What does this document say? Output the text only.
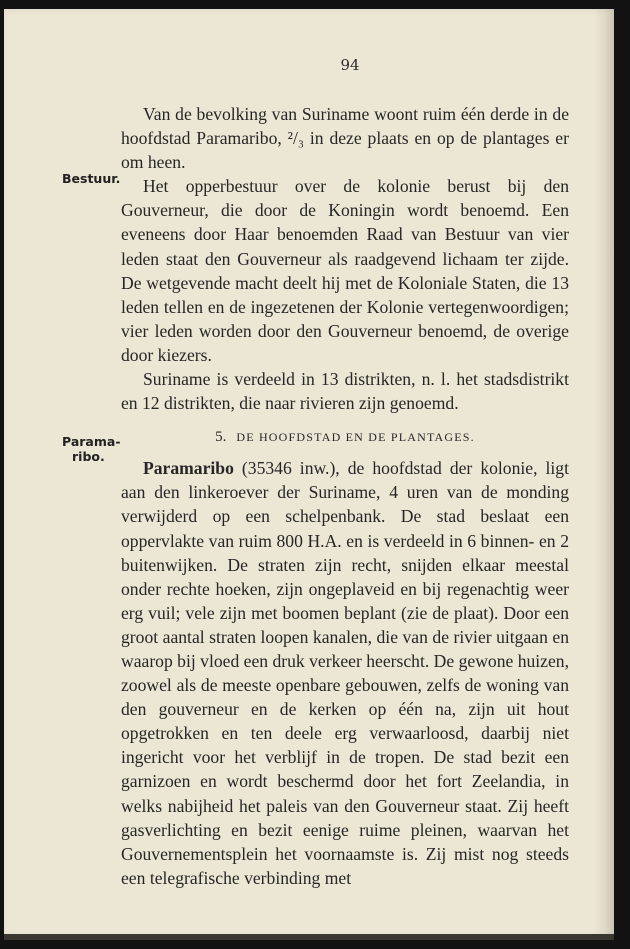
94
Bestuur.
Parama-
ribo.

Van de bevolking van Suriname woont ruim één derde in de hoofdstad Paramaribo, ²/₃ in deze plaats en op de plantages er om heen.

Het opperbestuur over de kolonie berust bij den Gouverneur, die door de Koningin wordt benoemd. Een eveneens door Haar benoemden Raad van Bestuur van vier leden staat den Gouverneur als raadgevend lichaam ter zijde. De wetgevende macht deelt hij met de Koloniale Staten, die 13 leden tellen en de ingezetenen der Kolonie vertegenwoordigen; vier leden worden door den Gouverneur benoemd, de overige door kiezers.

Suriname is verdeeld in 13 distrikten, n. l. het stadsdistrikt en 12 distrikten, die naar rivieren zijn genoemd.

5. DE HOOFDSTAD EN DE PLANTAGES.

Paramaribo (35346 inw.), de hoofdstad der kolonie, ligt aan den linkeroever der Suriname, 4 uren van de monding verwijderd op een schelpenbank. De stad beslaat een oppervlakte van ruim 800 H.A. en is verdeeld in 6 binnen- en 2 buitenwijken. De straten zijn recht, snijden elkaar meestal onder rechte hoeken, zijn ongeplaveid en bij regenachtig weer erg vuil; vele zijn met boomen beplant (zie de plaat). Door een groot aantal straten loopen kanalen, die van de rivier uitgaan en waarop bij vloed een druk verkeer heerscht. De gewone huizen, zoowel als de meeste openbare gebouwen, zelfs de woning van den gouverneur en de kerken op één na, zijn uit hout opgetrokken en ten deele erg verwaarloosd, daarbij niet ingericht voor het verblijf in de tropen. De stad bezit een garnizoen en wordt beschermd door het fort Zeelandia, in welks nabijheid het paleis van den Gouverneur staat. Zij heeft gasverlichting en bezit eenige ruime pleinen, waarvan het Gouvernementsplein het voornaamste is. Zij mist nog steeds een telegrafische verbinding met
